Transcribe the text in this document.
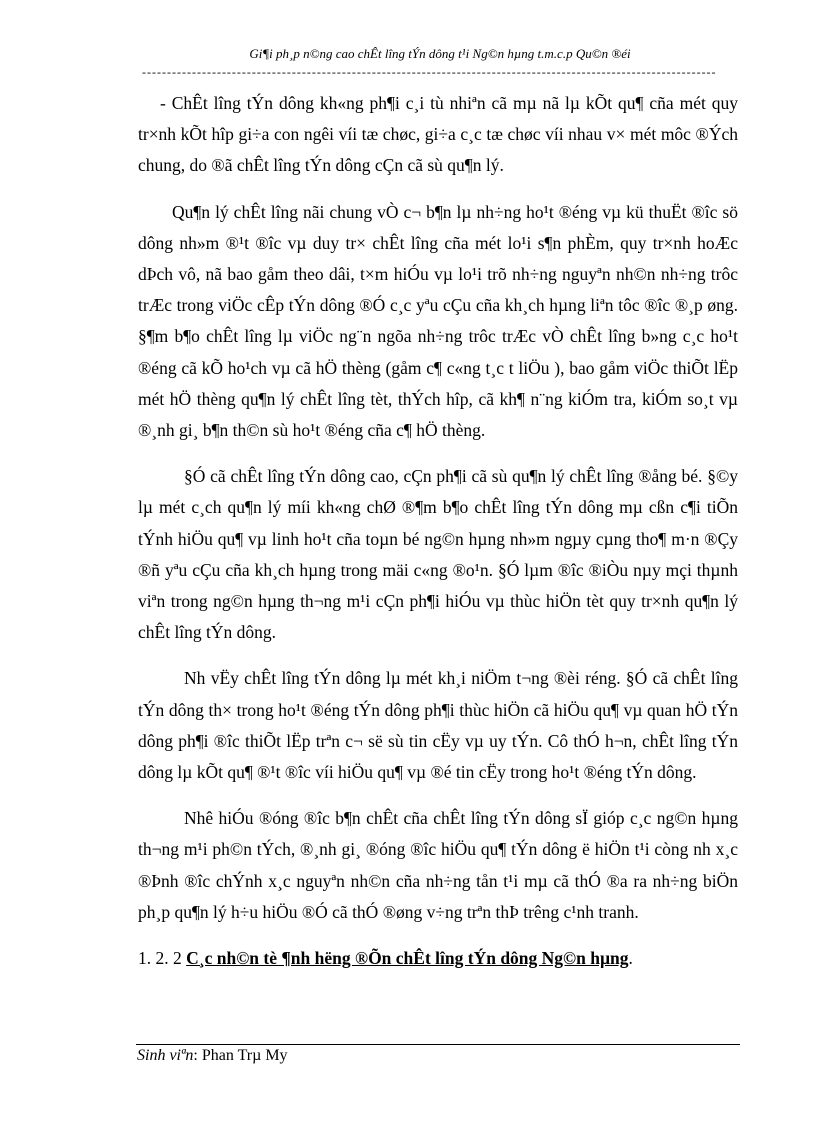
Gi¶i ph¸p n©ng cao chÊt lîng tÝn dông t¹i Ng©n hµng t.m.c.p Qu©n ®éi
-------------------------------------------------------------------------------------------------------------------

- ChÊt lîng tÝn dông kh«ng ph¶i c¸i tù nhiªn cã mµ nã lµ kÕt qu¶ cña mét quy tr×nh kÕt hîp gi÷a con ngêi víi tæ chøc, gi÷a c¸c tæ chøc víi nhau v× mét môc ®Ých chung, do ®ã chÊt lîng tÝn dông cÇn cã sù qu¶n lý.

Qu¶n lý chÊt lîng nãi chung vÒ c¬ b¶n lµ nh÷ng ho¹t ®éng vµ kü thuËt ®îc sö dông nh»m ®¹t ®îc vµ duy tr× chÊt lîng cña mét lo¹i s¶n phÈm, quy tr×nh hoÆc dÞch vô, nã bao gåm theo dâi, t×m hiÓu vµ lo¹i trõ nh÷ng nguyªn nh©n nh÷ng trôc trÆc trong viÖc cÊp tÝn dông ®Ó c¸c yªu cÇu cña kh¸ch hµng liªn tôc ®îc ®¸p øng. §¶m b¶o chÊt lîng lµ viÖc ng¨n ngõa nh÷ng trôc trÆc vÒ chÊt lîng b»ng c¸c ho¹t ®éng cã kÕ ho¹ch vµ cã hÖ thèng (gåm c¶ c«ng t¸c t liÖu ), bao gåm viÖc thiÕt lËp mét hÖ thèng qu¶n lý chÊt lîng tèt, thÝch hîp, cã kh¶ n¨ng kiÓm tra, kiÓm so¸t vµ ®¸nh gi¸ b¶n th©n sù ho¹t ®éng cña c¶ hÖ thèng.

§Ó cã chÊt lîng tÝn dông cao, cÇn ph¶i cã sù qu¶n lý chÊt lîng ®ång bé. §©y lµ mét c¸ch qu¶n lý míi kh«ng chØ ®¶m b¶o chÊt lîng tÝn dông mµ cßn c¶i tiÕn tÝnh hiÖu qu¶ vµ linh ho¹t cña toµn bé ng©n hµng nh»m ngµy cµng tho¶ m·n ®Çy ®ñ yªu cÇu cña kh¸ch hµng trong mäi c«ng ®o¹n. §Ó lµm ®îc ®iÒu nµy mçi thµnh viªn trong ng©n hµng th¬ng m¹i cÇn ph¶i hiÓu vµ thùc hiÖn tèt quy tr×nh qu¶n lý chÊt lîng tÝn dông.

Nh vËy chÊt lîng tÝn dông lµ mét kh¸i niÖm t¬ng ®èi réng. §Ó cã chÊt lîng tÝn dông th× trong ho¹t ®éng tÝn dông ph¶i thùc hiÖn cã hiÖu qu¶ vµ quan hÖ tÝn dông ph¶i ®îc thiÕt lËp trªn c¬ së sù tin cËy vµ uy tÝn. Cô thÓ h¬n, chÊt lîng tÝn dông lµ kÕt qu¶ ®¹t ®îc víi hiÖu qu¶ vµ ®é tin cËy trong ho¹t ®éng tÝn dông.

Nhê hiÓu ®óng ®îc b¶n chÊt cña chÊt lîng tÝn dông sÏ gióp c¸c ng©n hµng th¬ng m¹i ph©n tÝch, ®¸nh gi¸ ®óng ®îc hiÖu qu¶ tÝn dông ë hiÖn t¹i còng nh x¸c ®Þnh ®îc chÝnh x¸c nguyªn nh©n cña nh÷ng tån t¹i mµ cã thÓ ®a ra nh÷ng biÖn ph¸p qu¶n lý h÷u hiÖu ®Ó cã thÓ ®øng v÷ng trªn thÞ trêng c¹nh tranh.

1. 2. 2 C¸c nh©n tè ¶nh hëng ®Õn chÊt lîng tÝn dông Ng©n hµng.

Sinh viªn: Phan Trµ My
